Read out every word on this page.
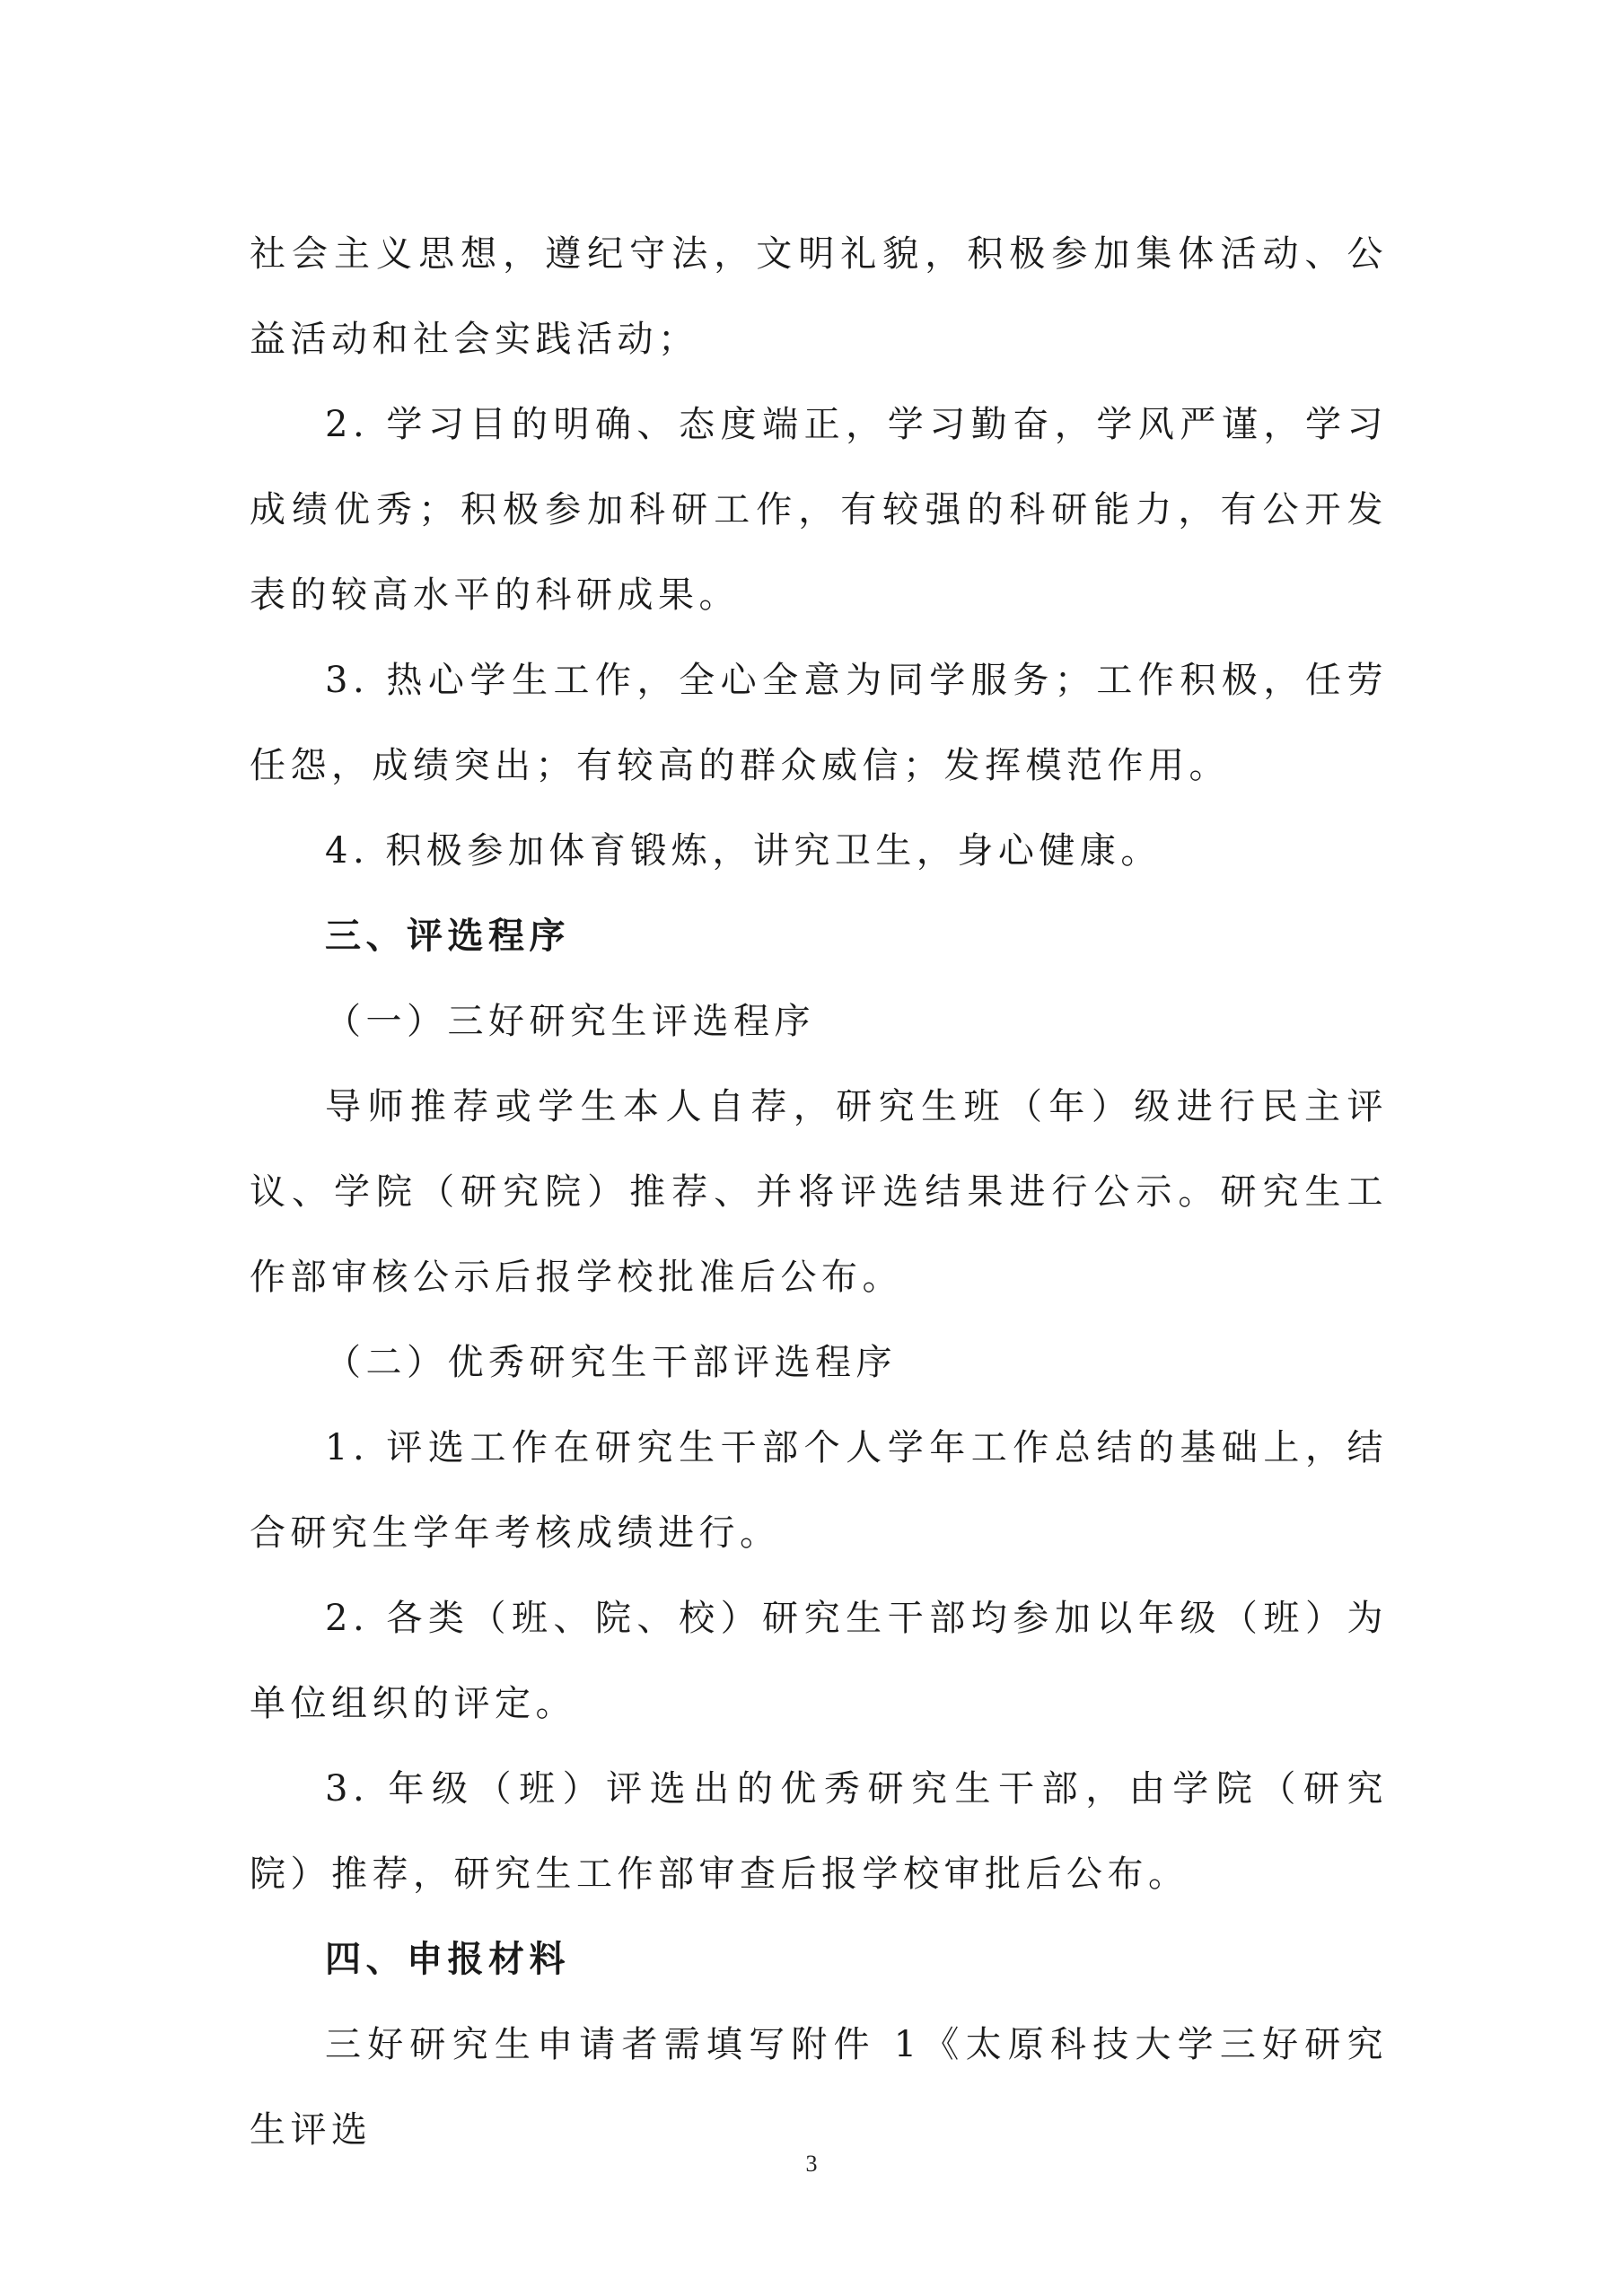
社会主义思想，遵纪守法，文明礼貌，积极参加集体活动、公益活动和社会实践活动；

2. 学习目的明确、态度端正，学习勤奋，学风严谨，学习成绩优秀；积极参加科研工作，有较强的科研能力，有公开发表的较高水平的科研成果。

3. 热心学生工作，全心全意为同学服务；工作积极，任劳任怨，成绩突出；有较高的群众威信；发挥模范作用。

4. 积极参加体育锻炼，讲究卫生，身心健康。

三、评选程序

（一）三好研究生评选程序

导师推荐或学生本人自荐，研究生班（年）级进行民主评议、学院（研究院）推荐、并将评选结果进行公示。研究生工作部审核公示后报学校批准后公布。

（二）优秀研究生干部评选程序

1. 评选工作在研究生干部个人学年工作总结的基础上，结合研究生学年考核成绩进行。

2. 各类（班、院、校）研究生干部均参加以年级（班）为单位组织的评定。

3. 年级（班）评选出的优秀研究生干部，由学院（研究院）推荐，研究生工作部审查后报学校审批后公布。

四、申报材料

三好研究生申请者需填写附件 1《太原科技大学三好研究生评选

3
